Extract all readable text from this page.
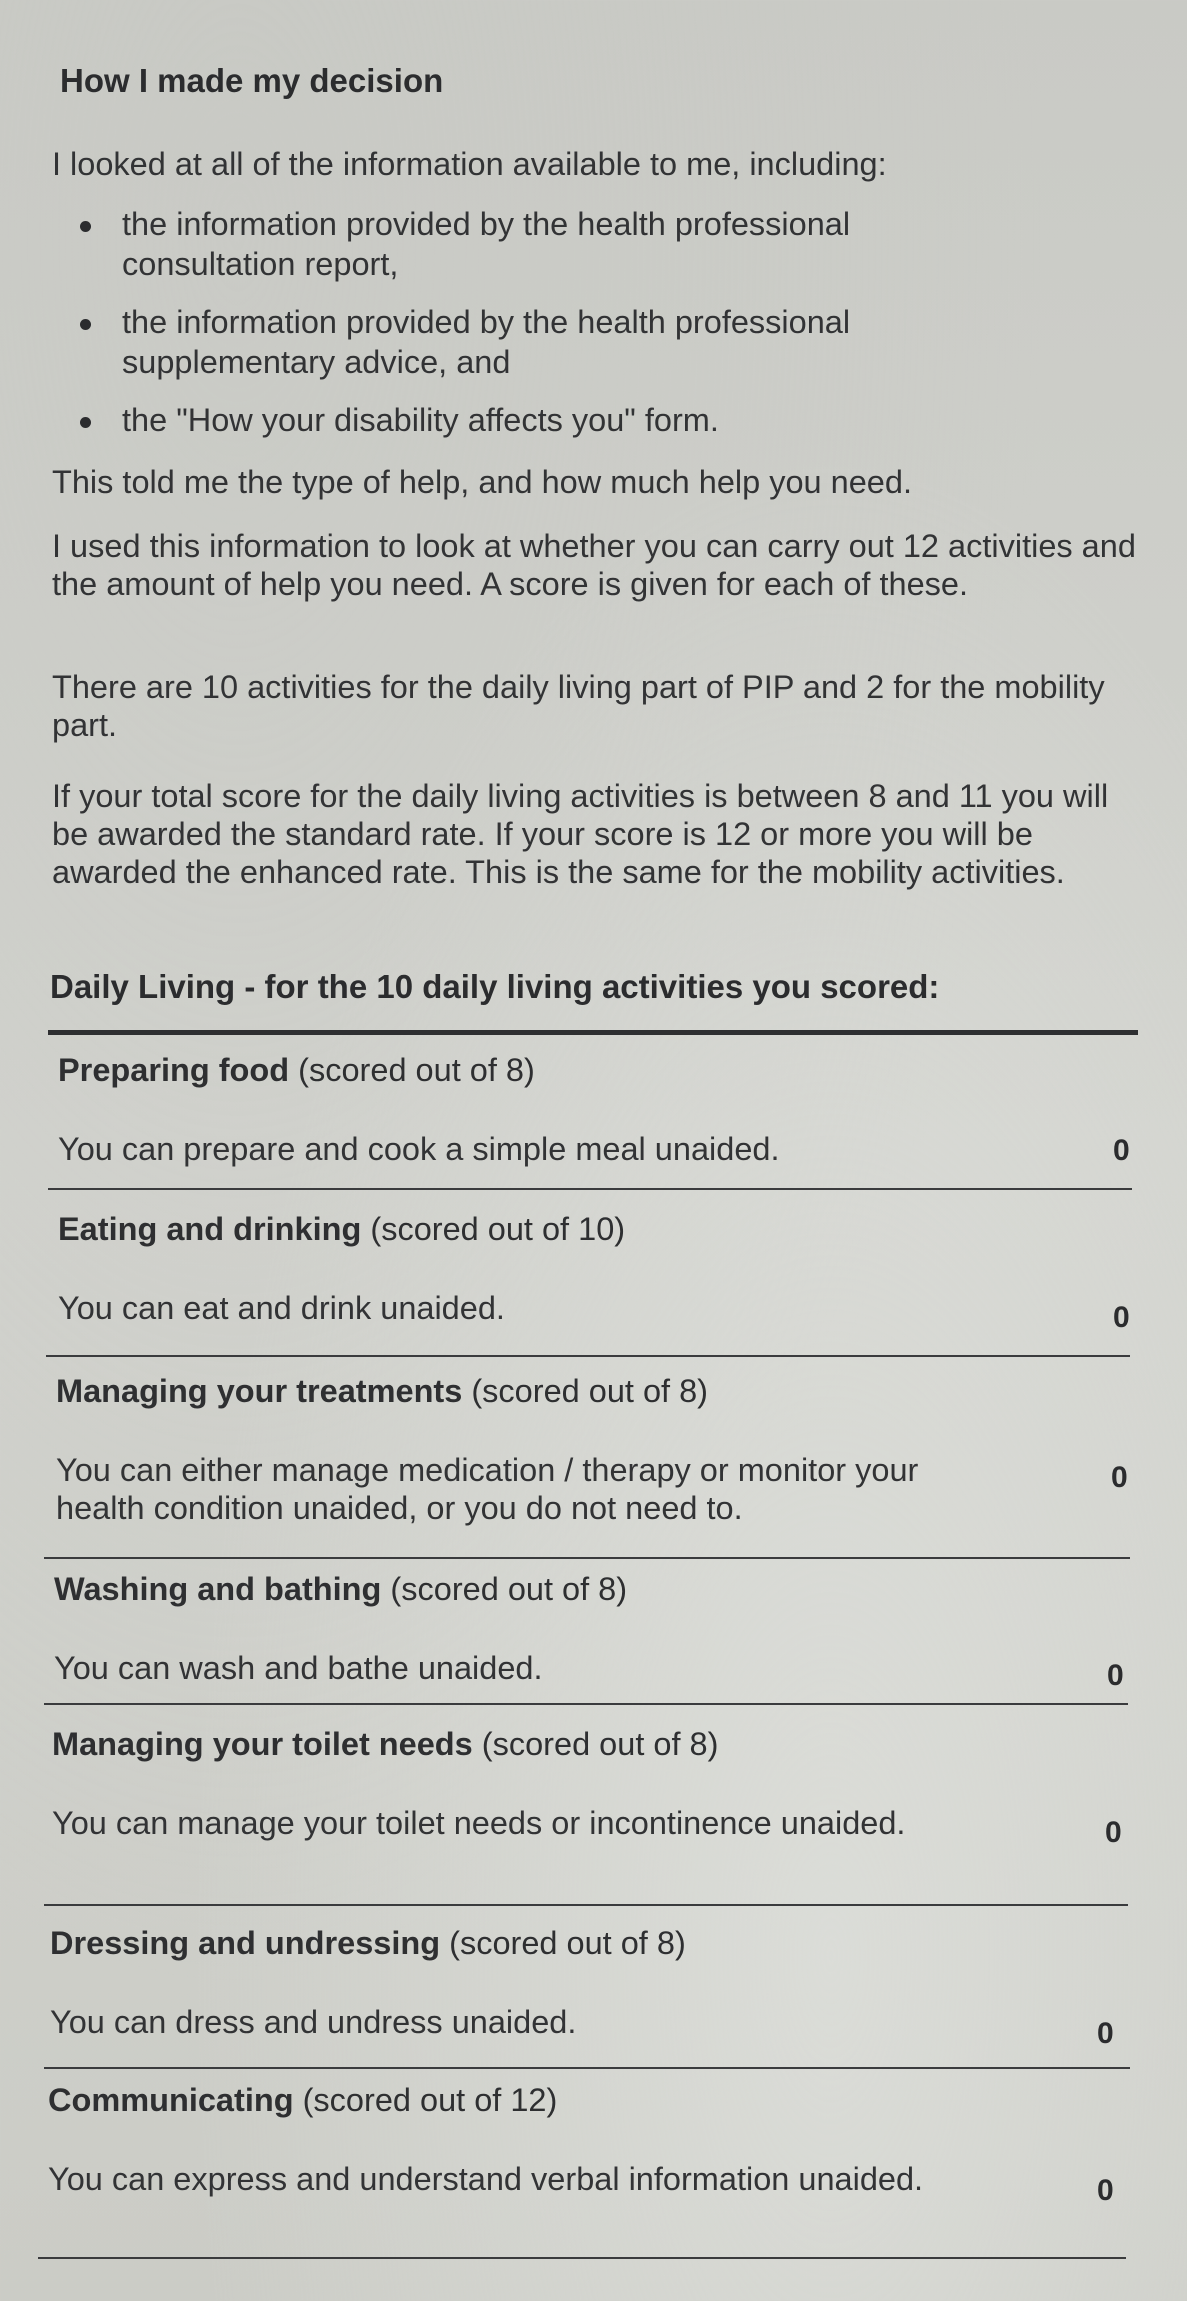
How I made my decision

I looked at all of the information available to me, including:

the information provided by the health professional consultation report,
the information provided by the health professional supplementary advice, and
the "How your disability affects you" form.

This told me the type of help, and how much help you need.

I used this information to look at whether you can carry out 12 activities and the amount of help you need. A score is given for each of these.

There are 10 activities for the daily living part of PIP and 2 for the mobility part.

If your total score for the daily living activities is between 8 and 11 you will be awarded the standard rate. If your score is 12 or more you will be awarded the enhanced rate. This is the same for the mobility activities.

Daily Living - for the 10 daily living activities you scored:
Preparing food (scored out of 8)
You can prepare and cook a simple meal unaided.	0
Eating and drinking (scored out of 10)
You can eat and drink unaided.	0
Managing your treatments (scored out of 8)
You can either manage medication / therapy or monitor your health condition unaided, or you do not need to.
0
Washing and bathing (scored out of 8)
You can wash and bathe unaided.	0
Managing your toilet needs (scored out of 8)
You can manage your toilet needs or incontinence unaided.	0
Dressing and undressing (scored out of 8)
You can dress and undress unaided.	0
Communicating (scored out of 12)
You can express and understand verbal information unaided.	0
